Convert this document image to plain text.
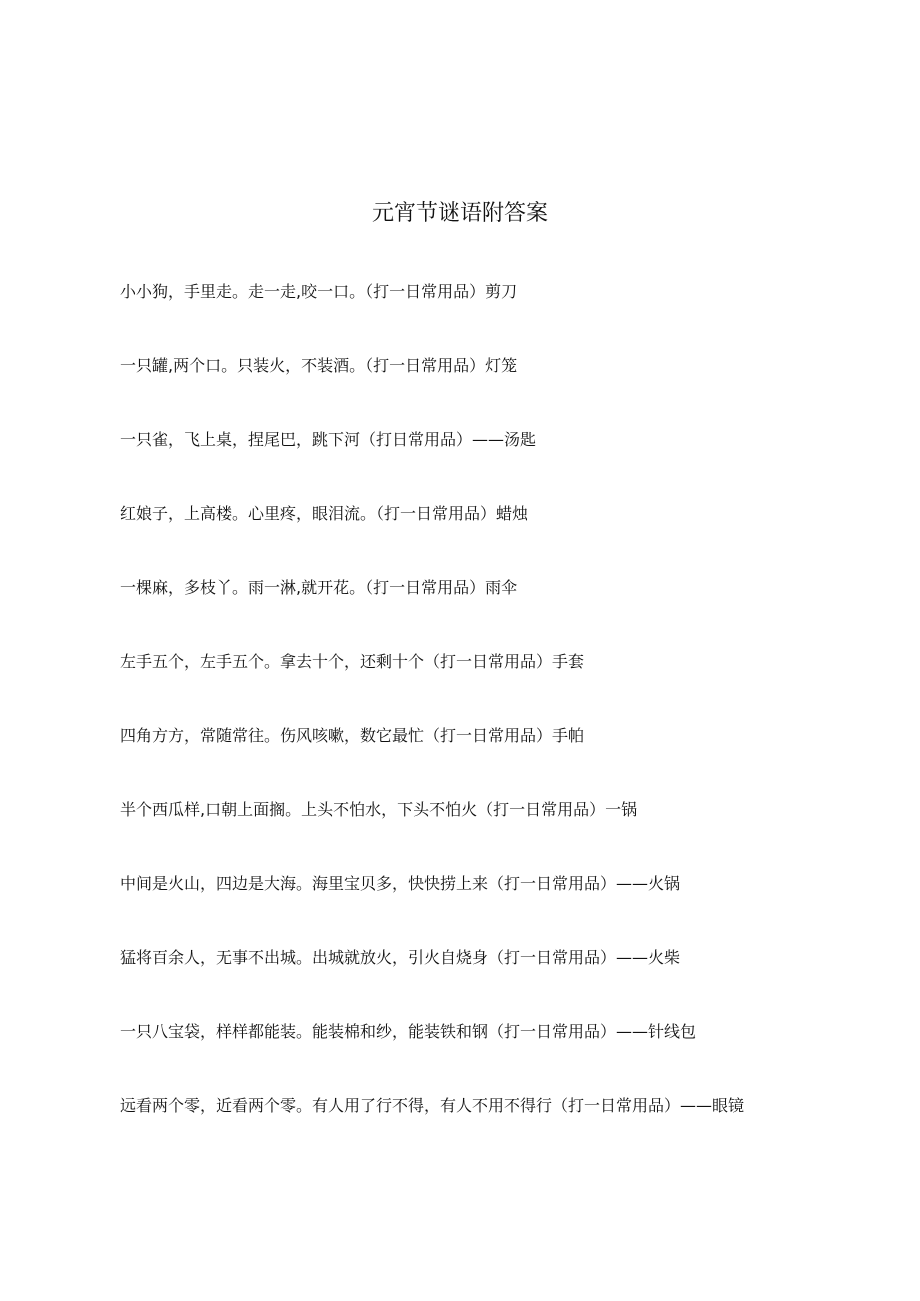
元宵节谜语附答案
小小狗，手里走。走一走,咬一口。（打一日常用品）剪刀
一只罐,两个口。只装火，不装酒。（打一日常用品）灯笼
一只雀，飞上桌，捏尾巴，跳下河（打日常用品）——汤匙
红娘子，上高楼。心里疼，眼泪流。（打一日常用品）蜡烛
一棵麻，多枝丫。雨一淋,就开花。（打一日常用品）雨伞
左手五个，左手五个。拿去十个，还剩十个（打一日常用品）手套
四角方方，常随常往。伤风咳嗽，数它最忙（打一日常用品）手帕
半个西瓜样,口朝上面搁。上头不怕水，下头不怕火（打一日常用品）一锅
中间是火山，四边是大海。海里宝贝多，快快捞上来（打一日常用品）——火锅
猛将百余人，无事不出城。出城就放火，引火自烧身（打一日常用品）——火柴
一只八宝袋，样样都能装。能装棉和纱，能装铁和钢（打一日常用品）——针线包
远看两个零，近看两个零。有人用了行不得，有人不用不得行（打一日常用品）——眼镜
